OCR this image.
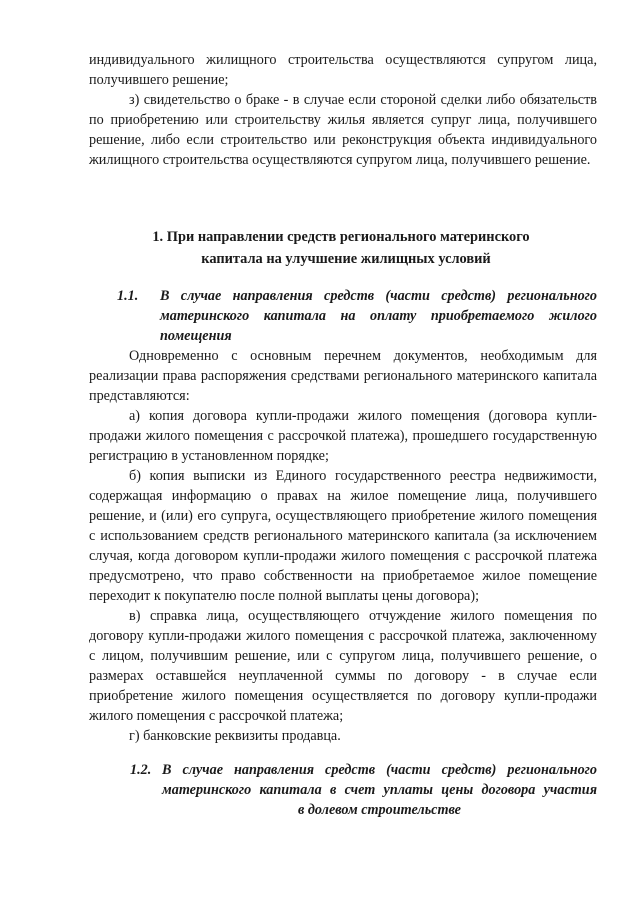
индивидуального жилищного строительства осуществляются супругом лица, получившего решение;

з) свидетельство о браке - в случае если стороной сделки либо обязательств по приобретению или строительству жилья является супруг лица, получившего решение, либо если строительство или реконструкция объекта индивидуального жилищного строительства осуществляются супругом лица, получившего решение.

1. При направлении средств регионального материнского
капитала на улучшение жилищных условий
1.1. В случае направления средств (части средств) регионального
материнского капитала на оплату приобретаемого жилого
помещения

Одновременно с основным перечнем документов, необходимым для реализации права распоряжения средствами регионального материнского капитала представляются:

а) копия договора купли-продажи жилого помещения (договора купли-продажи жилого помещения с рассрочкой платежа), прошедшего государственную регистрацию в установленном порядке;

б) копия выписки из Единого государственного реестра недвижимости, содержащая информацию о правах на жилое помещение лица, получившего решение, и (или) его супруга, осуществляющего приобретение жилого помещения с использованием средств регионального материнского капитала (за исключением случая, когда договором купли-продажи жилого помещения с рассрочкой платежа предусмотрено, что право собственности на приобретаемое жилое помещение переходит к покупателю после полной выплаты цены договора);

в) справка лица, осуществляющего отчуждение жилого помещения по договору купли-продажи жилого помещения с рассрочкой платежа, заключенному с лицом, получившим решение, или с супругом лица, получившего решение, о размерах оставшейся неуплаченной суммы по договору - в случае если приобретение жилого помещения осуществляется по договору купли-продажи жилого помещения с рассрочкой платежа;

г) банковские реквизиты продавца.

1.2. В случае направления средств (части средств) регионального
материнского капитала в счет уплаты цены договора участия
в долевом строительстве
